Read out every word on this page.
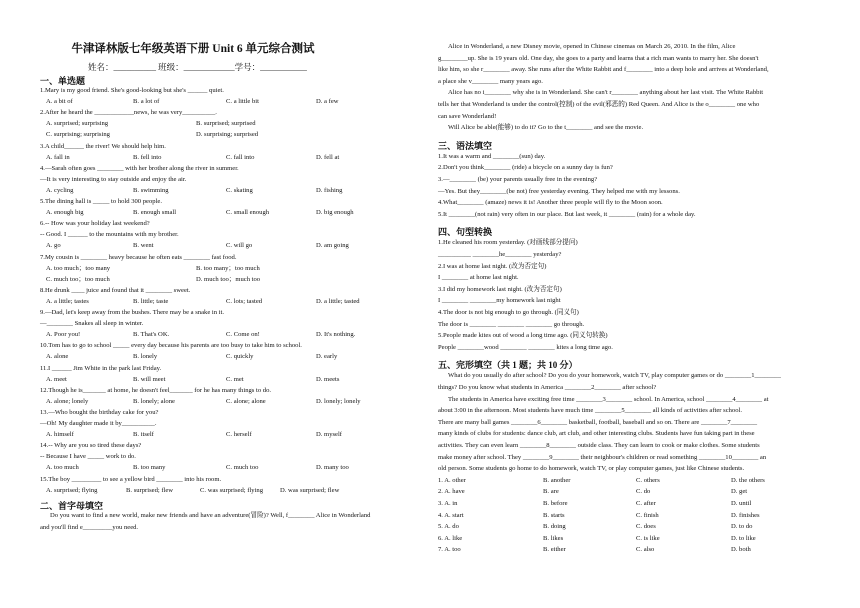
牛津译林版七年级英语下册 Unit 6 单元综合测试
姓名：__________ 班级：____________学号：___________
一、单选题
1.Mary is my good friend. She's good-looking but she's ______ quiet.
A. a bit of	B. a lot of	C. a little bit	D. a few
2.After he heard the ____________news, he was very__________.
A. surprised; surprising	B. surprised; surprised
C. surprising; surprising	D. surprising; surprised
3.A child______ the river! We should help him.
A. fall in	B. fell into	C. fall into	D. fell at
4.—Sarah often goes ________ with her brother along the river in summer.
—It is very interesting to stay outside and enjoy the air.
A. cycling	B. swimming	C. skating	D. fishing
5.The dining hall is _____ to hold 300 people.
A. enough big	B. enough small	C. small enough	D. big enough
6.-- How was your holiday last weekend?
-- Good. I ______ to the mountains with my brother.
A. go	B. went	C. will go	D. am going
7.My cousin is ________ heavy because he often eats ________ fast food.
A. too much；too many	B. too many；too much
C. much too；too much	D. much too；much too
8.He drunk ____ juice and found that it ________ sweet.
A. a little; tastes	B. little; taste	C. lots; tasted	D. a little; tasted
9.—Dad, let's keep away from the bushes. There may be a snake in it.
—________ Snakes all sleep in winter.
A. Poor you!	B. That's OK.	C. Come on!	D. It's nothing.
10.Tom has to go to school _____ every day because his parents are too busy to take him to school.
A. alone	B. lonely	C. quickly	D. early
11.I ______ Jim White in the park last Friday.
A. meet	B. will meet	C. met	D. meets
12.Though he is_______ at home, he doesn't feel_______ for he has many things to do.
A. alone; lonely	B. lonely; alone	C. alone; alone	D. lonely; lonely
13.—Who bought the birthday cake for you?
—Oh! My daughter made it by__________.
A. himself	B. itself	C. herself	D. myself
14.-- Why are you so tired these days?
-- Because I have _____ work to do.
A. too much	B. too many	C. much too	D. many too
15.The boy _________ to see a yellow bird ________ into his room.
A. surprised; flying	B. surprised; flew	C. was surprised; flying	D. was surprised; flew
二、首字母填空
Do you want to find a new world, make new friends and have an adventure(冒险)? Well, f________ Alice in Wonderland
and you'll find e_________you need.
Alice in Wonderland, a new Disney movie, opened in Chinese cinemas on March 26, 2010. In the film, Alice
g________up. She is 19 years old. One day, she goes to a party and learns that a rich man wants to marry her. She doesn't
like him, so she r________ away. She runs after the White Rabbit and f________ into a deep hole and arrives at Wonderland,
a place she v________ many years ago.
Alice has no i________ why she is in Wonderland. She can't r________ anything about her last visit. The White Rabbit
tells her that Wonderland is under the control(控制) of the evil(邪恶的) Red Queen. And Alice is the o________ one who
can save Wonderland!
Will Alice be able(能够) to do it? Go to the t________ and see the movie.
三、语法填空
1.It was a warm and ________(sun) day.
2.Don't you think________ (ride) a bicycle on a sunny day is fun?
3.—________ (be) your parents usually free in the evening?
—Yes. But they________(be not) free yesterday evening. They helped me with my lessons.
4.What________ (amaze) news it is! Another three people will fly to the Moon soon.
5.It ________(not rain) very often in our place. But last week, it ________ (rain) for a whole day.
四、句型转换
1.He cleaned his room yesterday. (对画线部分提问)
__________ ________he________ yesterday?
2.I was at home last night. (改为否定句)
I ________ at home last night.
3.I did my homework last night. (改为否定句)
I ________ ________my homework last night
4.The door is not big enough to go through. (同义句)
The door is ________ ________ ________ go through.
5.People made kites out of wood a long time ago. (同义句转换)
People ________wood ________ ________ kites a long time ago.
五、完形填空（共 1 题；共 10 分）
What do you usually do after school? Do you do your homework, watch TV, play computer games or do ________1________
things? Do you know what students in America ________2________ after school?
The students in America have exciting free time ________3________ school. In America, school ________4________ at
about 3:00 in the afternoon. Most students have much time ________5________ all kinds of activities after school.
There are many ball games ________6________ basketball, football, baseball and so on. There are ________7________
many kinds of clubs for students: dance club, art club, and other interesting clubs. Students have fun taking part in these
activities. They can even learn ________8________ outside class. They can learn to cook or make clothes. Some students
make money after school. They ________9________ their neighbour's children or read something ________10________ an
old person. Some students go home to do homework, watch TV, or play computer games, just like Chinese students.
1. A. other	B. another	C. others	D. the others
2. A. have	B. are	C. do	D. get
3. A. in	B. before	C. after	D. until
4. A. start	B. starts	C. finish	D. finishes
5. A. do	B. doing	C. does	D. to do
6. A. like	B. likes	C. is like	D. to like
7. A. too	B. either	C. also	D. both
